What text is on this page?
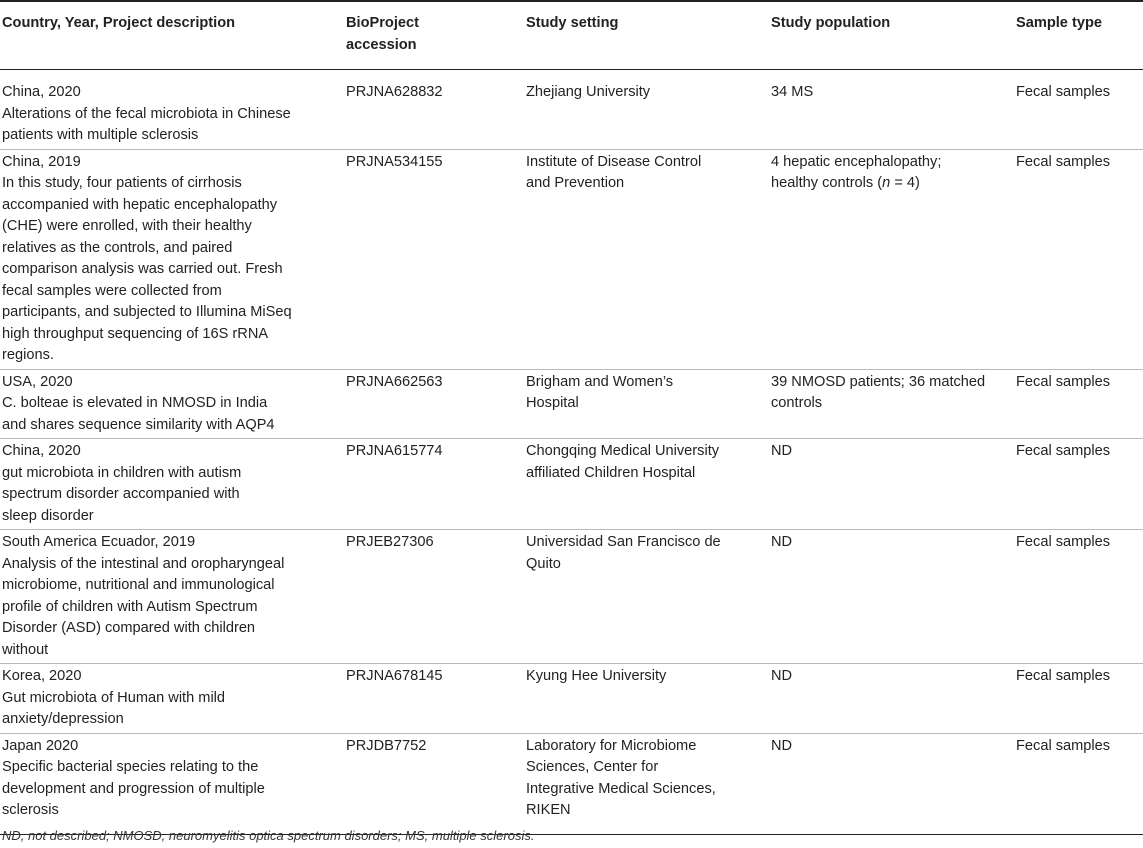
Country, Year, Project description	BioProject accession	Study setting	Study population	Sample type

China, 2020
Alterations of the fecal microbiota in Chinese patients with multiple sclerosis	PRJNA628832	Zhejiang University	34 MS	Fecal samples

China, 2019
In this study, four patients of cirrhosis accompanied with hepatic encephalopathy (CHE) were enrolled, with their healthy relatives as the controls, and paired comparison analysis was carried out. Fresh fecal samples were collected from participants, and subjected to Illumina MiSeq high throughput sequencing of 16S rRNA regions.	PRJNA534155	Institute of Disease Control and Prevention	4 hepatic encephalopathy; healthy controls (n = 4)	Fecal samples

USA, 2020
C. bolteae is elevated in NMOSD in India and shares sequence similarity with AQP4	PRJNA662563	Brigham and Women’s Hospital	39 NMOSD patients; 36 matched controls	Fecal samples

China, 2020
gut microbiota in children with autism spectrum disorder accompanied with sleep disorder	PRJNA615774	Chongqing Medical University affiliated Children Hospital	ND	Fecal samples

South America Ecuador, 2019
Analysis of the intestinal and oropharyngeal microbiome, nutritional and immunological profile of children with Autism Spectrum Disorder (ASD) compared with children without	PRJEB27306	Universidad San Francisco de Quito	ND	Fecal samples

Korea, 2020
Gut microbiota of Human with mild anxiety/depression	PRJNA678145	Kyung Hee University	ND	Fecal samples

Japan 2020
Specific bacterial species relating to the development and progression of multiple sclerosis	PRJDB7752	Laboratory for Microbiome Sciences, Center for Integrative Medical Sciences, RIKEN	ND	Fecal samples
ND, not described; NMOSD, neuromyelitis optica spectrum disorders; MS, multiple sclerosis.
